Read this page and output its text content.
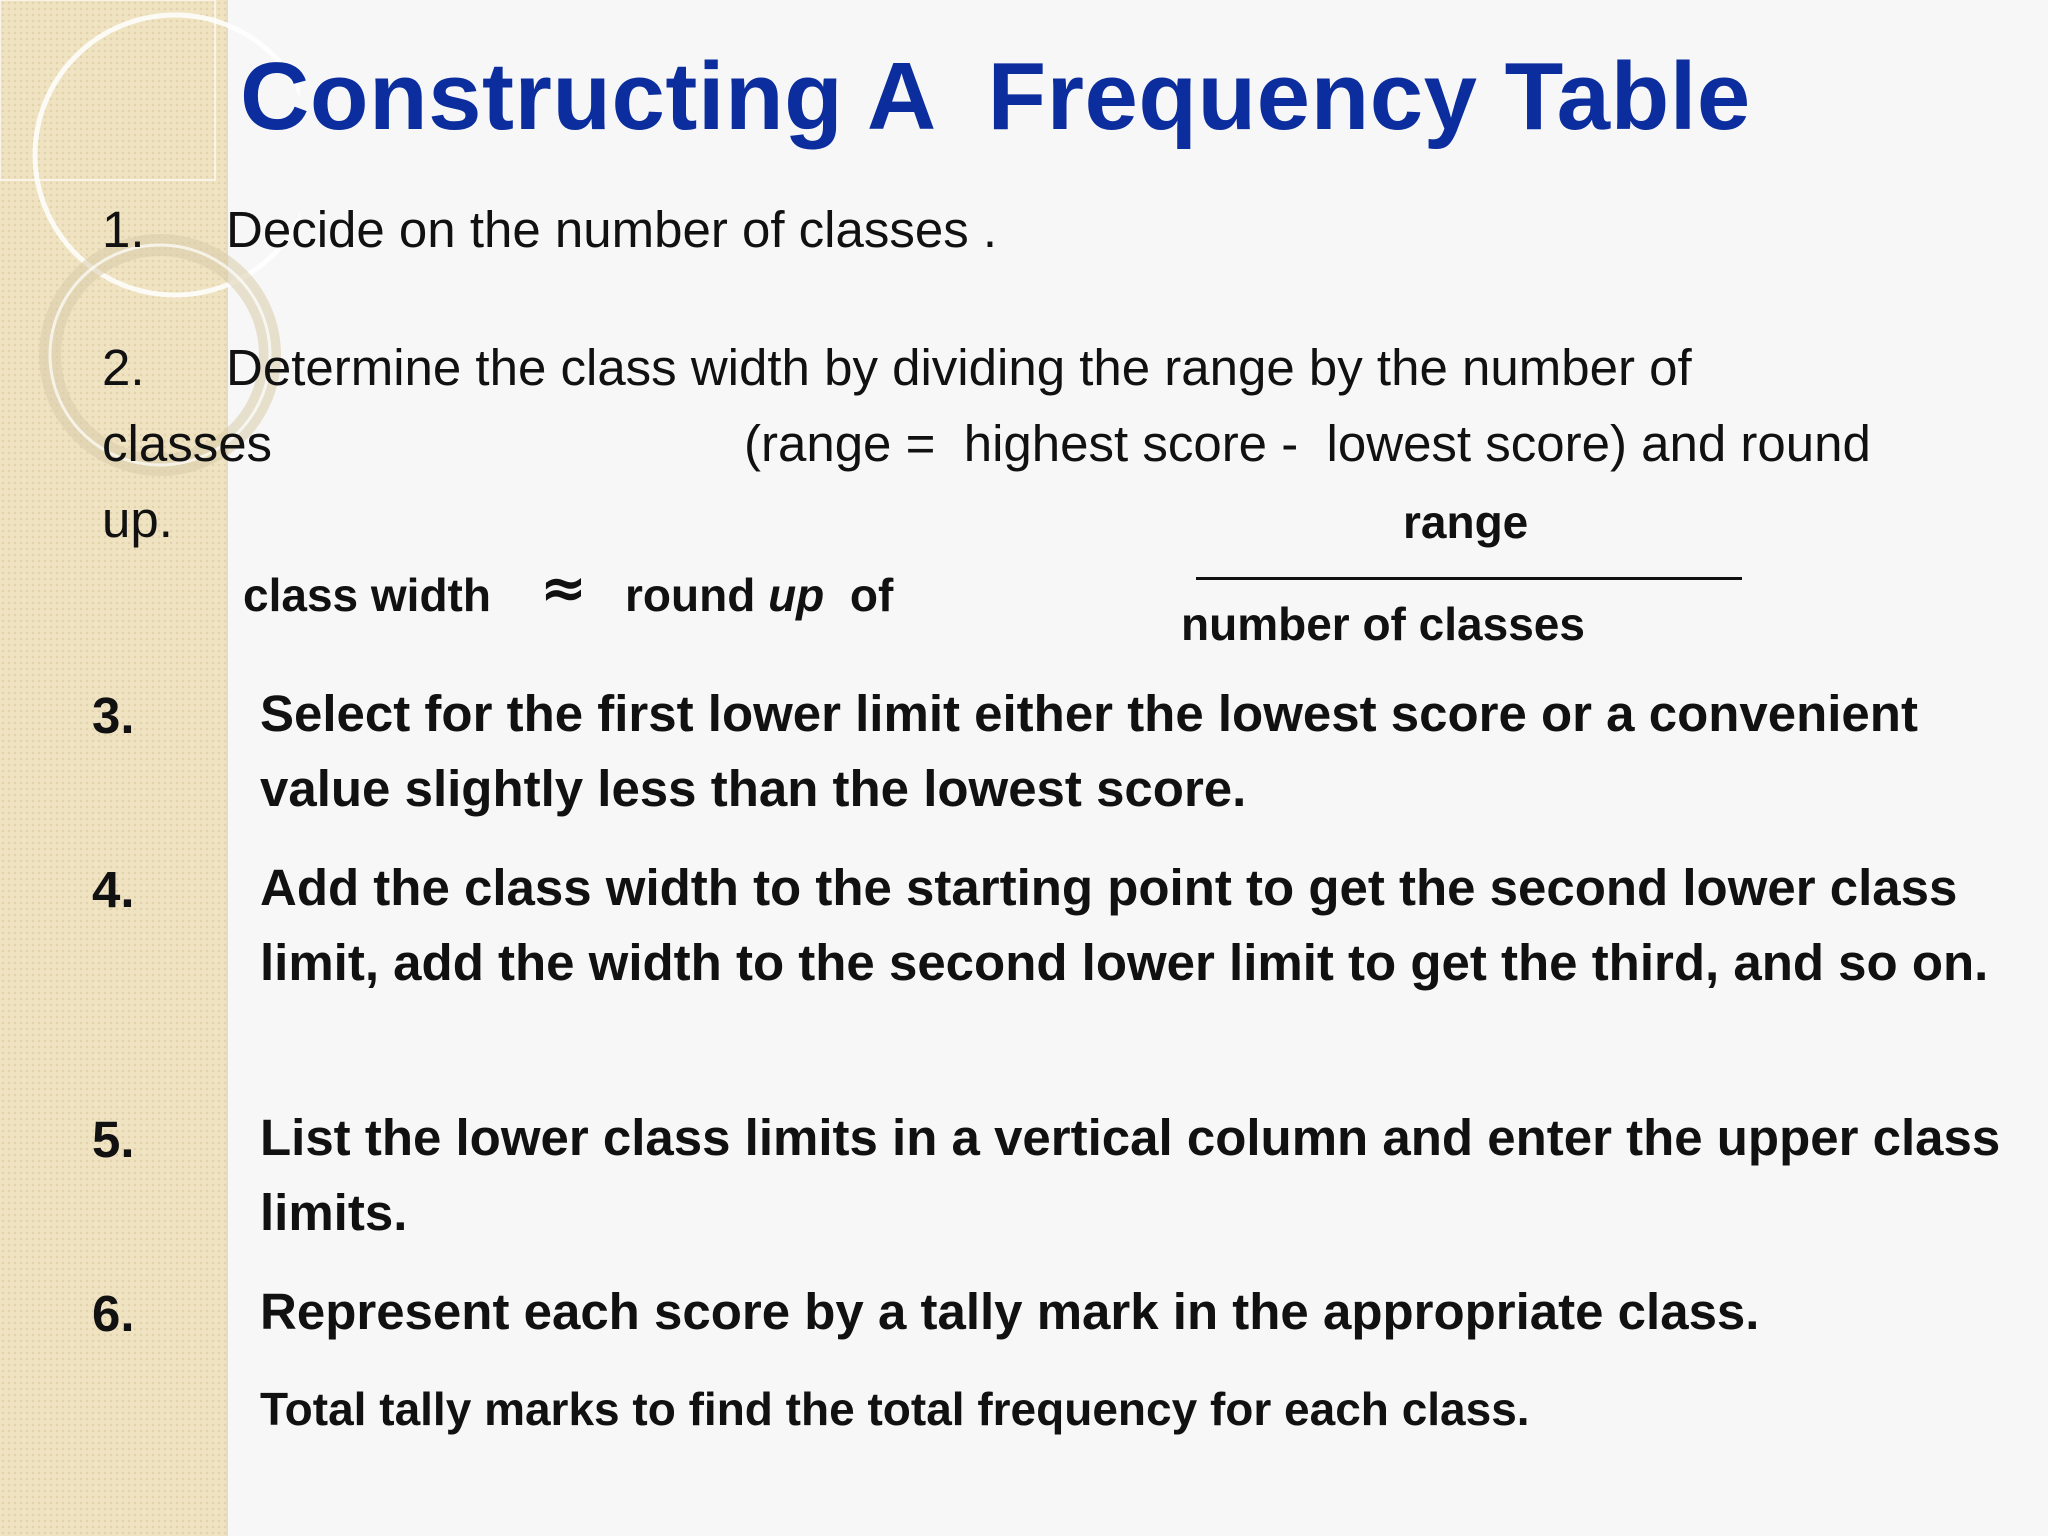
Constructing A  Frequency Table
1. Decide on the number of classes .
2. Determine the class width by dividing the range by the number of
classes	(range =  highest score -  lowest score) and round
up.
class width ≈ round up  of
range
number of classes
3. Select for the first lower limit either the lowest score or a convenient value slightly less than the lowest score.

4. Add the class width to the starting point to get the second lower class limit, add the width to the second lower limit to get the third, and so on.

5. List the lower class limits in a vertical column and enter the upper class limits.

6. Represent each score by a tally mark in the appropriate class.

Total tally marks to find the total frequency for each class.
